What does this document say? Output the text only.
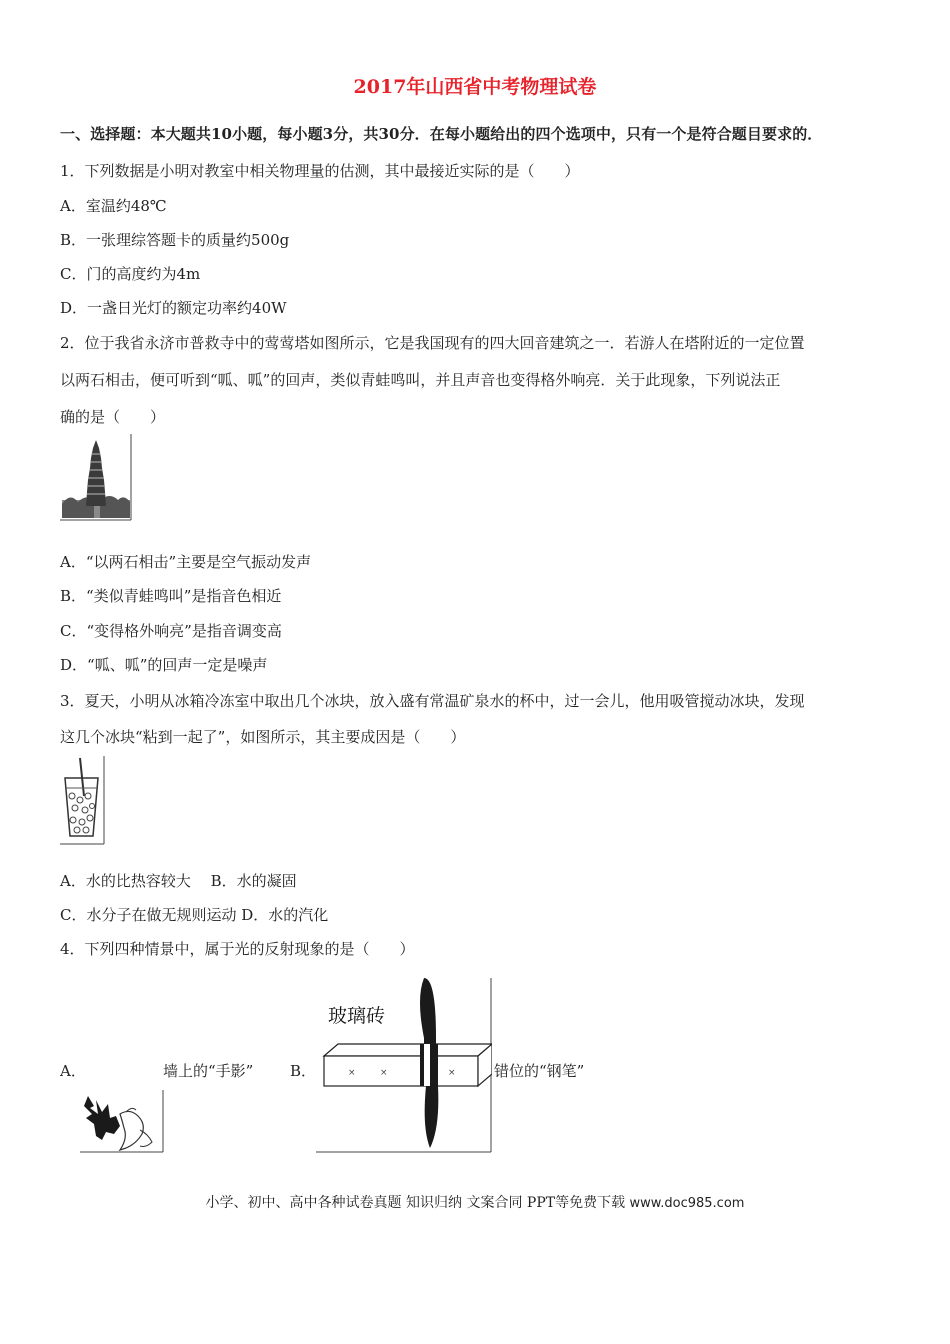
2017年山西省中考物理试卷
一、选择题：本大题共10小题，每小题3分，共30分．在每小题给出的四个选项中，只有一个是符合题目要求的．
1．下列数据是小明对教室中相关物理量的估测，其中最接近实际的是（　　）
A．室温约48℃
B．一张理综答题卡的质量约500g
C．门的高度约为4m
D．一盏日光灯的额定功率约40W
2．位于我省永济市普救寺中的莺莺塔如图所示，它是我国现有的四大回音建筑之一．若游人在塔附近的一定位置
以两石相击，便可听到“呱、呱”的回声，类似青蛙鸣叫，并且声音也变得格外响亮．关于此现象，下列说法正
确的是（　　）
A．“以两石相击”主要是空气振动发声
B．“类似青蛙鸣叫”是指音色相近
C．“变得格外响亮”是指音调变高
D．“呱、呱”的回声一定是噪声
3．夏天，小明从冰箱冷冻室中取出几个冰块，放入盛有常温矿泉水的杯中，过一会儿，他用吸管搅动冰块，发现
这几个冰块“粘到一起了”，如图所示，其主要成因是（　　）
A．水的比热容较大　 B．水的凝固
C．水分子在做无规则运动 D．水的汽化
4．下列四种情景中，属于光的反射现象的是（　　）
A．	墙上的“手影” B．
玻璃砖
×	×	×	错位的“钢笔”
小学、初中、高中各种试卷真题 知识归纳 文案合同 PPT等免费下载 www.doc985.com
